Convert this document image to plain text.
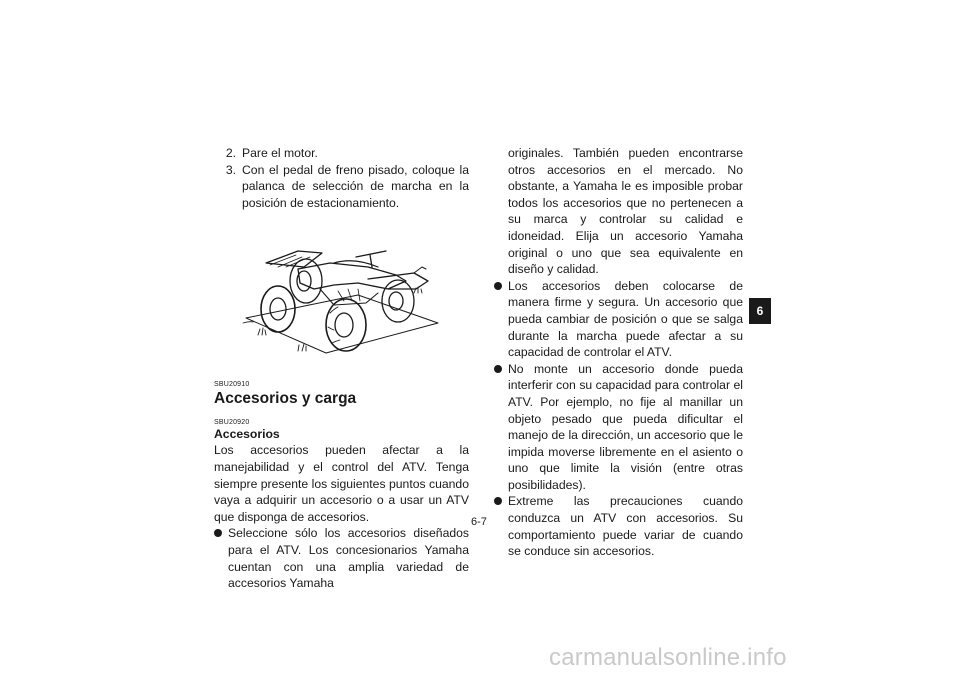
2. Pare el motor.
3. Con el pedal de freno pisado, coloque la palanca de selección de marcha en la posición de estacionamiento.
SBU20910
Accesorios y carga
SBU20920
Accesorios
Los accesorios pueden afectar a la manejabilidad y el control del ATV. Tenga siempre presente los siguientes puntos cuando vaya a adquirir un accesorio o a usar un ATV que disponga de accesorios.
Seleccione sólo los accesorios diseñados para el ATV. Los concesionarios Yamaha cuentan con una amplia variedad de accesorios Yamaha
originales. También pueden encontrarse otros accesorios en el mercado. No obstante, a Yamaha le es imposible probar todos los accesorios que no pertenecen a su marca y controlar su calidad e idoneidad. Elija un accesorio Yamaha original o uno que sea equivalente en diseño y calidad.
Los accesorios deben colocarse de manera firme y segura. Un accesorio que pueda cambiar de posición o que se salga durante la marcha puede afectar a su capacidad de controlar el ATV.
No monte un accesorio donde pueda interferir con su capacidad para controlar el ATV. Por ejemplo, no fije al manillar un objeto pesado que pueda dificultar el manejo de la dirección, un accesorio que le impida moverse libremente en el asiento o uno que limite la visión (entre otras posibilidades).
Extreme las precauciones cuando conduzca un ATV con accesorios. Su comportamiento puede variar de cuando se conduce sin accesorios.
6-7
6
carmanualsonline.info
